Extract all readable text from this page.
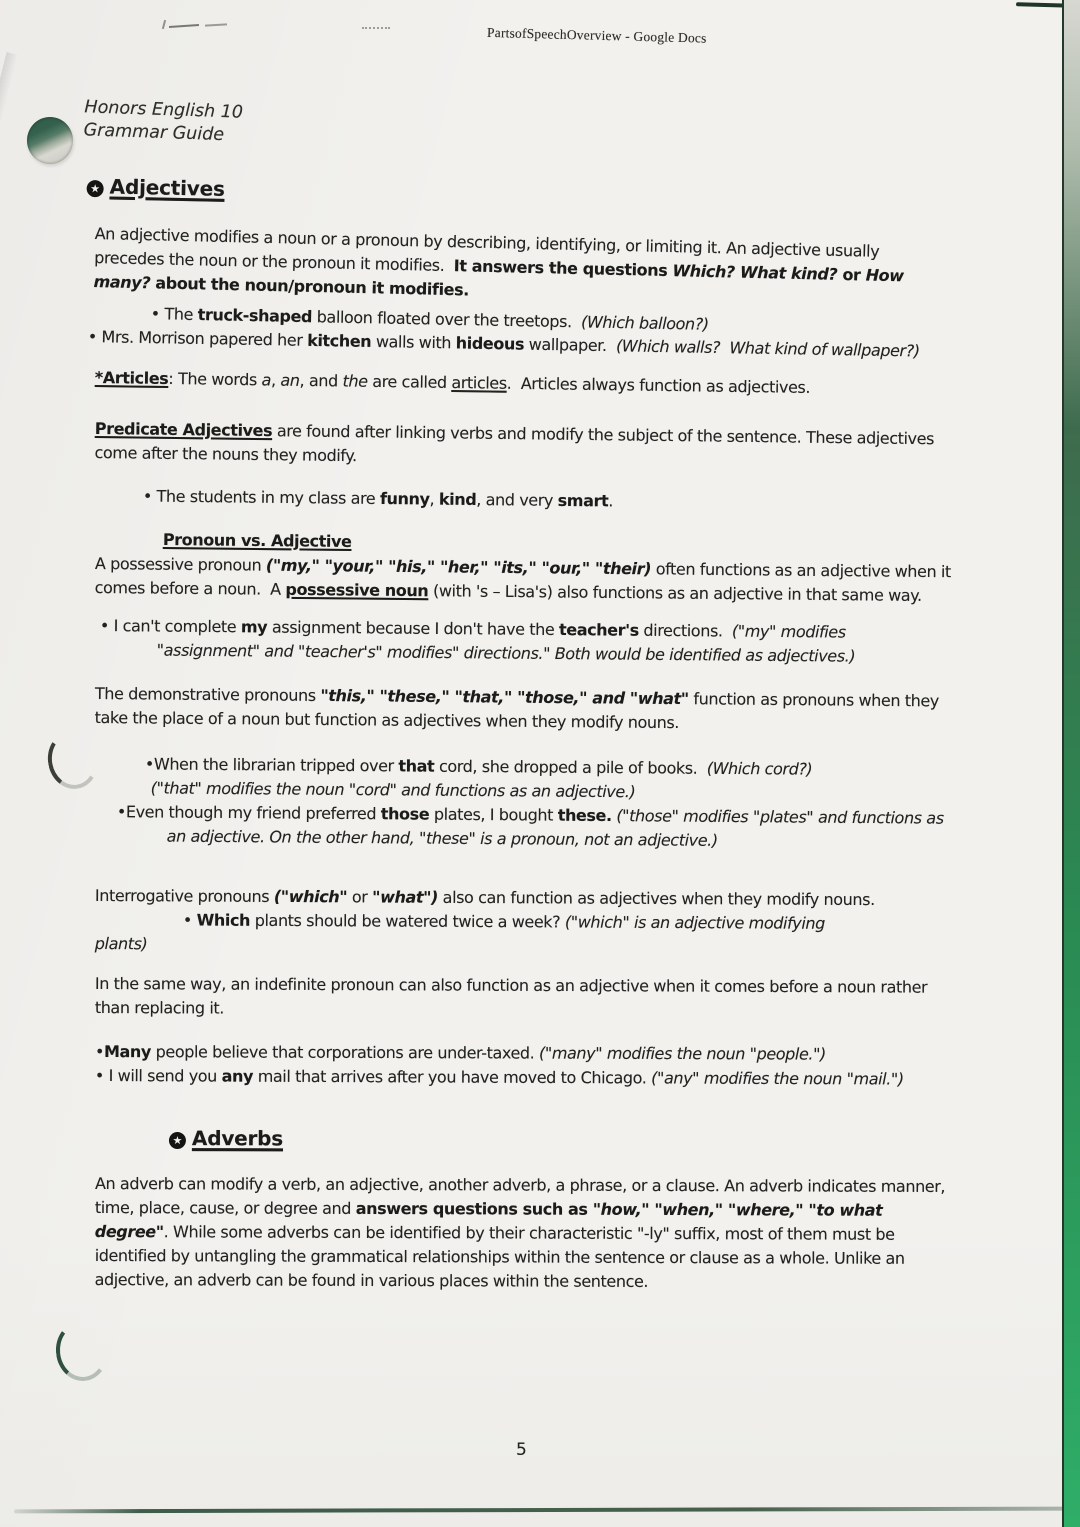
PartsofSpeechOverview - Google Docs
Honors English 10
Grammar Guide
★ Adjectives
An adjective modifies a noun or a pronoun by describing, identifying, or limiting it. An adjective usually precedes the noun or the pronoun it modifies.  It answers the questions Which? What kind? or How many? about the noun/pronoun it modifies.
• The truck-shaped balloon floated over the treetops.  (Which balloon?)
• Mrs. Morrison papered her kitchen walls with hideous wallpaper.  (Which walls?  What kind of wallpaper?)
*Articles: The words a, an, and the are called articles.  Articles always function as adjectives.
Predicate Adjectives are found after linking verbs and modify the subject of the sentence. These adjectives come after the nouns they modify.
• The students in my class are funny, kind, and very smart.
Pronoun vs. Adjective
A possessive pronoun ("my," "your," "his," "her," "its," "our," "their) often functions as an adjective when it comes before a noun.  A possessive noun (with 's – Lisa's) also functions as an adjective in that same way.
• I can't complete my assignment because I don't have the teacher's directions.  ("my" modifies "assignment" and "teacher's" modifies" directions." Both would be identified as adjectives.)
The demonstrative pronouns "this," "these," "that," "those," and "what" function as pronouns when they take the place of a noun but function as adjectives when they modify nouns.
•When the librarian tripped over that cord, she dropped a pile of books.  (Which cord?)
("that" modifies the noun "cord" and functions as an adjective.)
•Even though my friend preferred those plates, I bought these. ("those" modifies "plates" and functions as an adjective. On the other hand, "these" is a pronoun, not an adjective.)
Interrogative pronouns ("which" or "what") also can function as adjectives when they modify nouns.
• Which plants should be watered twice a week? ("which" is an adjective modifying
plants)
In the same way, an indefinite pronoun can also function as an adjective when it comes before a noun rather than replacing it.
•Many people believe that corporations are under-taxed. ("many" modifies the noun "people.")
• I will send you any mail that arrives after you have moved to Chicago. ("any" modifies the noun "mail.")
★ Adverbs
An adverb can modify a verb, an adjective, another adverb, a phrase, or a clause. An adverb indicates manner, time, place, cause, or degree and answers questions such as "how," "when," "where," "to what degree". While some adverbs can be identified by their characteristic "-ly" suffix, most of them must be identified by untangling the grammatical relationships within the sentence or clause as a whole. Unlike an adjective, an adverb can be found in various places within the sentence.
5
